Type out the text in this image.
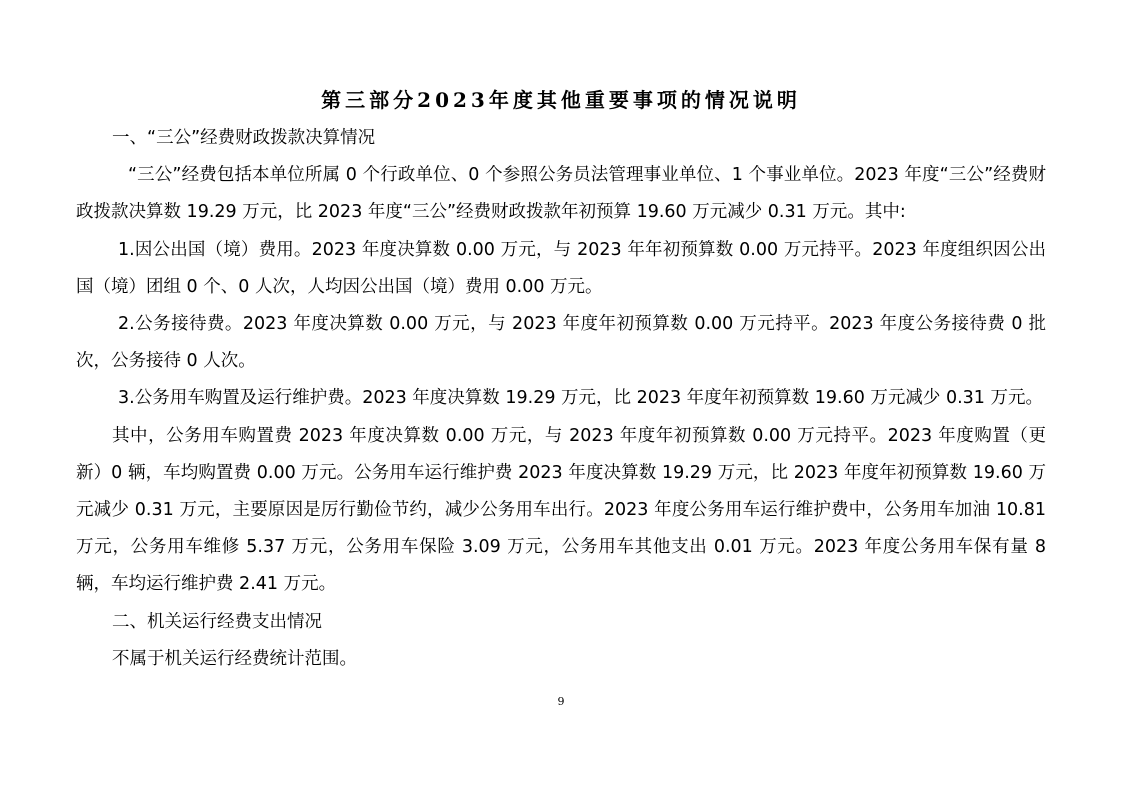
第三部分2023年度其他重要事项的情况说明

一、“三公”经费财政拨款决算情况

“三公”经费包括本单位所属 0 个行政单位、0 个参照公务员法管理事业单位、1 个事业单位。2023 年度“三公”经费财政拨款决算数 19.29 万元，比 2023 年度“三公”经费财政拨款年初预算 19.60 万元减少 0.31 万元。其中:

1.因公出国（境）费用。2023 年度决算数 0.00 万元，与 2023 年年初预算数 0.00 万元持平。2023 年度组织因公出国（境）团组 0 个、0 人次，人均因公出国（境）费用 0.00 万元。

2.公务接待费。2023 年度决算数 0.00 万元，与 2023 年度年初预算数 0.00 万元持平。2023 年度公务接待费 0 批次，公务接待 0 人次。

3.公务用车购置及运行维护费。2023 年度决算数 19.29 万元，比 2023 年度年初预算数 19.60 万元减少 0.31 万元。

其中，公务用车购置费 2023 年度决算数 0.00 万元，与 2023 年度年初预算数 0.00 万元持平。2023 年度购置（更新）0 辆，车均购置费 0.00 万元。公务用车运行维护费 2023 年度决算数 19.29 万元，比 2023 年度年初预算数 19.60 万元减少 0.31 万元，主要原因是厉行勤俭节约，减少公务用车出行。2023 年度公务用车运行维护费中，公务用车加油 10.81 万元，公务用车维修 5.37 万元，公务用车保险 3.09 万元，公务用车其他支出 0.01 万元。2023 年度公务用车保有量 8 辆，车均运行维护费 2.41 万元。

二、机关运行经费支出情况

不属于机关运行经费统计范围。

9
